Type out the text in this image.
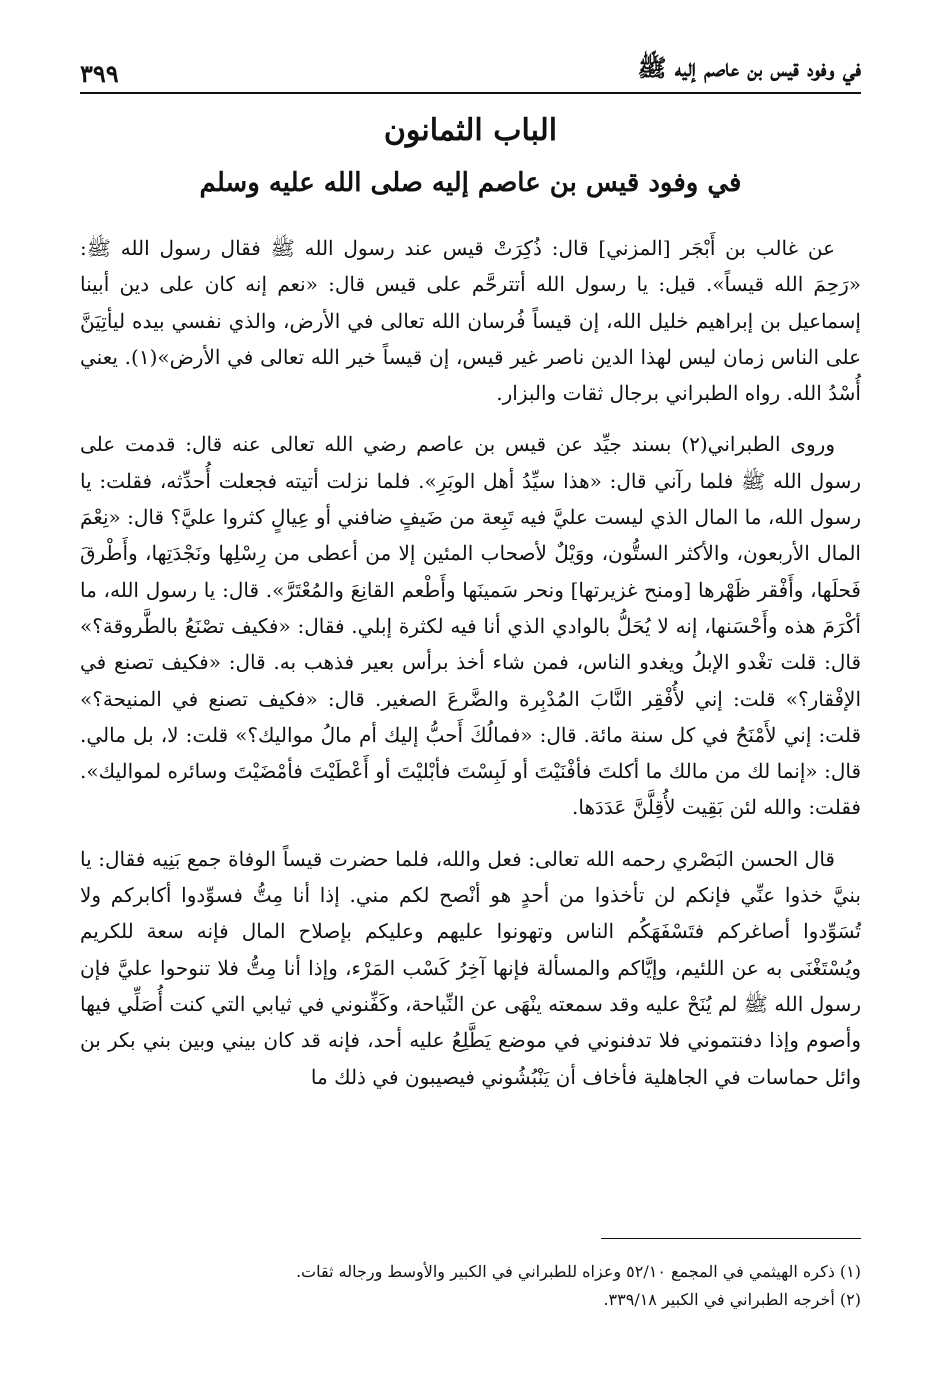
في وفود قيس بن عاصم إليه ﷺ
٣٩٩
الباب الثمانون
في وفود قيس بن عاصم إليه صلى الله عليه وسلم

عن غالب بن أَبْجَر [المزني] قال: ذُكِرَتْ قيس عند رسول الله ﷺ فقال رسول الله ﷺ: «رَحِمَ الله قيساً». قيل: يا رسول الله أتترحَّم على قيس قال: «نعم إنه كان على دين أبينا إسماعيل بن إبراهيم خليل الله، إن قيساً فُرسان الله تعالى في الأرض، والذي نفسي بيده ليأتِيَنَّ على الناس زمان ليس لهذا الدين ناصر غير قيس، إن قيساً خير الله تعالى في الأرض»(١). يعني أُسْدُ الله. رواه الطبراني برجال ثقات والبزار.

وروى الطبراني(٢) بسند جيِّد عن قيس بن عاصم رضي الله تعالى عنه قال: قدمت على رسول الله ﷺ فلما رآني قال: «هذا سيِّدُ أهل الوبَرِ». فلما نزلت أتيته فجعلت أُحدِّثه، فقلت: يا رسول الله، ما المال الذي ليست عليَّ فيه تَبِعة من ضَيفٍ ضافني أو عِيالٍ كثروا عليَّ؟ قال: «نِعْمَ المال الأربعون، والأكثر الستُّون، ووَيْلٌ لأصحاب المئين إلا من أعطى من رِسْلِها ونَجْدَتِها، وأَطْرقَ فَحلَها، وأَفْقر ظَهْرها [ومنح غزيرتها] ونحر سَمينَها وأَطْعم القانِعَ والمُعْتَرَّ». قال: يا رسول الله، ما أكْرَمَ هذه وأَحْسَنها، إنه لا يُحَلُّ بالوادي الذي أنا فيه لكثرة إبلي. فقال: «فكيف تصْنَعُ بالطَّروقة؟» قال: قلت تغْدو الإبلُ ويغدو الناس، فمن شاء أخذ برأس بعير فذهب به. قال: «فكيف تصنع في الإفْقار؟» قلت: إني لأُفْقِر النَّابَ المُدْبِرة والضَّرعَ الصغير. قال: «فكيف تصنع في المنيحة؟» قلت: إني لأَمْنَحُ في كل سنة مائة. قال: «فمالُكَ أَحبُّ إليك أم مالُ مواليك؟» قلت: لا، بل مالي. قال: «إنما لك من مالك ما أكلتَ فأفْنَيْتَ أو لَبِسْتَ فأبْليْتَ أو أَعْطَيْتَ فأمْضَيْتَ وسائره لمواليك». فقلت: والله لئن بَقِيت لأُقِلَّنَّ عَدَدَها.

قال الحسن البَصْري رحمه الله تعالى: فعل والله، فلما حضرت قيساً الوفاة جمع بَنِيه فقال: يا بنيَّ خذوا عنِّي فإنكم لن تأخذوا من أحدٍ هو أنْصح لكم مني. إذا أنا مِتُّ فسوِّدوا أكابركم ولا تُسَوِّدوا أصاغركم فتَسْفَهَكُم الناس وتهونوا عليهم وعليكم بإصلاح المال فإنه سعة للكريم ويُسْتَغْنَى به عن اللئيم، وإيَّاكم والمسألة فإنها آخِرُ كَسْب المَرْء، وإذا أنا مِتُّ فلا تنوحوا عليَّ فإن رسول الله ﷺ لم يُنَحْ عليه وقد سمعته ينْهَى عن النِّياحة، وكَفِّنوني في ثيابي التي كنت أُصَلِّي فيها وأصوم وإذا دفنتموني فلا تدفنوني في موضع يَطَّلِعُ عليه أحد، فإنه قد كان بيني وبين بني بكر بن وائل حماسات في الجاهلية فأخاف أن يَنْبُشُوني فيصيبون في ذلك ما

(١) ذكره الهيثمي في المجمع ٥٢/١٠ وعزاه للطبراني في الكبير والأوسط ورجاله ثقات.

(٢) أخرجه الطبراني في الكبير ٣٣٩/١٨.
